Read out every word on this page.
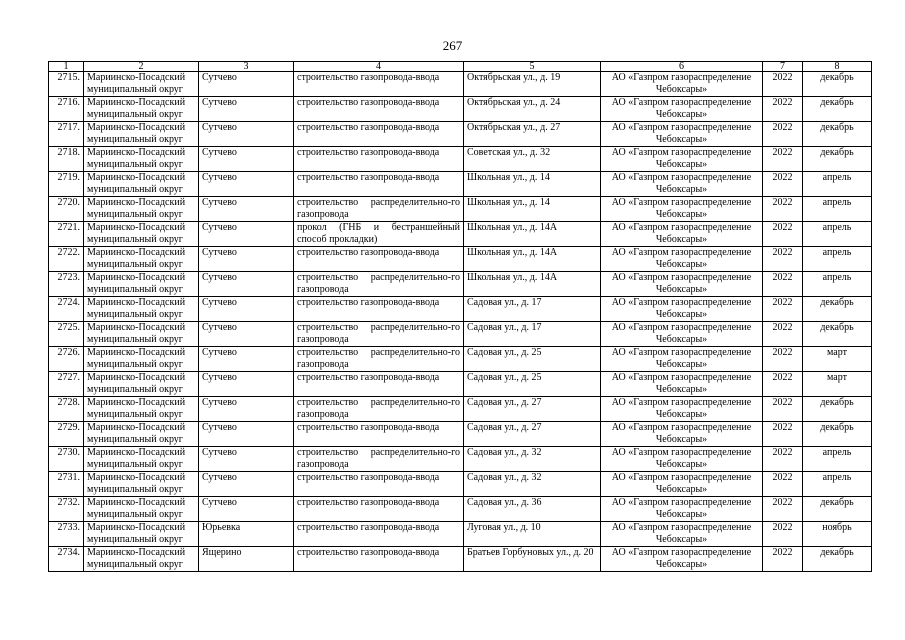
267
1	2	3	4	5	6	7	8
2715.	Мариинско-Посадский муниципальный округ	Сутчево	строительство газопровода-ввода	Октябрьская ул., д. 19	АО «Газпром газораспределение Чебоксары»	2022	декабрь
2716.	Мариинско-Посадский муниципальный округ	Сутчево	строительство газопровода-ввода	Октябрьская ул., д. 24	АО «Газпром газораспределение Чебоксары»	2022	декабрь
2717.	Мариинско-Посадский муниципальный округ	Сутчево	строительство газопровода-ввода	Октябрьская ул., д. 27	АО «Газпром газораспределение Чебоксары»	2022	декабрь
2718.	Мариинско-Посадский муниципальный округ	Сутчево	строительство газопровода-ввода	Советская ул., д. 32	АО «Газпром газораспределение Чебоксары»	2022	декабрь
2719.	Мариинско-Посадский муниципальный округ	Сутчево	строительство газопровода-ввода	Школьная ул., д. 14	АО «Газпром газораспределение Чебоксары»	2022	апрель
2720.	Мариинско-Посадский муниципальный округ	Сутчево	строительство распределительно-го газопровода	Школьная ул., д. 14	АО «Газпром газораспределение Чебоксары»	2022	апрель
2721.	Мариинско-Посадский муниципальный округ	Сутчево	прокол (ГНБ и бестраншейный способ прокладки)	Школьная ул., д. 14А	АО «Газпром газораспределение Чебоксары»	2022	апрель
2722.	Мариинско-Посадский муниципальный округ	Сутчево	строительство газопровода-ввода	Школьная ул., д. 14А	АО «Газпром газораспределение Чебоксары»	2022	апрель
2723.	Мариинско-Посадский муниципальный округ	Сутчево	строительство распределительно-го газопровода	Школьная ул., д. 14А	АО «Газпром газораспределение Чебоксары»	2022	апрель
2724.	Мариинско-Посадский муниципальный округ	Сутчево	строительство газопровода-ввода	Садовая ул., д. 17	АО «Газпром газораспределение Чебоксары»	2022	декабрь
2725.	Мариинско-Посадский муниципальный округ	Сутчево	строительство распределительно-го газопровода	Садовая ул., д. 17	АО «Газпром газораспределение Чебоксары»	2022	декабрь
2726.	Мариинско-Посадский муниципальный округ	Сутчево	строительство распределительно-го газопровода	Садовая ул., д. 25	АО «Газпром газораспределение Чебоксары»	2022	март
2727.	Мариинско-Посадский муниципальный округ	Сутчево	строительство газопровода-ввода	Садовая ул., д. 25	АО «Газпром газораспределение Чебоксары»	2022	март
2728.	Мариинско-Посадский муниципальный округ	Сутчево	строительство распределительно-го газопровода	Садовая ул., д. 27	АО «Газпром газораспределение Чебоксары»	2022	декабрь
2729.	Мариинско-Посадский муниципальный округ	Сутчево	строительство газопровода-ввода	Садовая ул., д. 27	АО «Газпром газораспределение Чебоксары»	2022	декабрь
2730.	Мариинско-Посадский муниципальный округ	Сутчево	строительство распределительно-го газопровода	Садовая ул., д. 32	АО «Газпром газораспределение Чебоксары»	2022	апрель
2731.	Мариинско-Посадский муниципальный округ	Сутчево	строительство газопровода-ввода	Садовая ул., д. 32	АО «Газпром газораспределение Чебоксары»	2022	апрель
2732.	Мариинско-Посадский муниципальный округ	Сутчево	строительство газопровода-ввода	Садовая ул., д. 36	АО «Газпром газораспределение Чебоксары»	2022	декабрь
2733.	Мариинско-Посадский муниципальный округ	Юрьевка	строительство газопровода-ввода	Луговая ул., д. 10	АО «Газпром газораспределение Чебоксары»	2022	ноябрь
2734.	Мариинско-Посадский муниципальный округ	Ящерино	строительство газопровода-ввода	Братьев Горбуновых ул., д. 20	АО «Газпром газораспределение Чебоксары»	2022	декабрь
